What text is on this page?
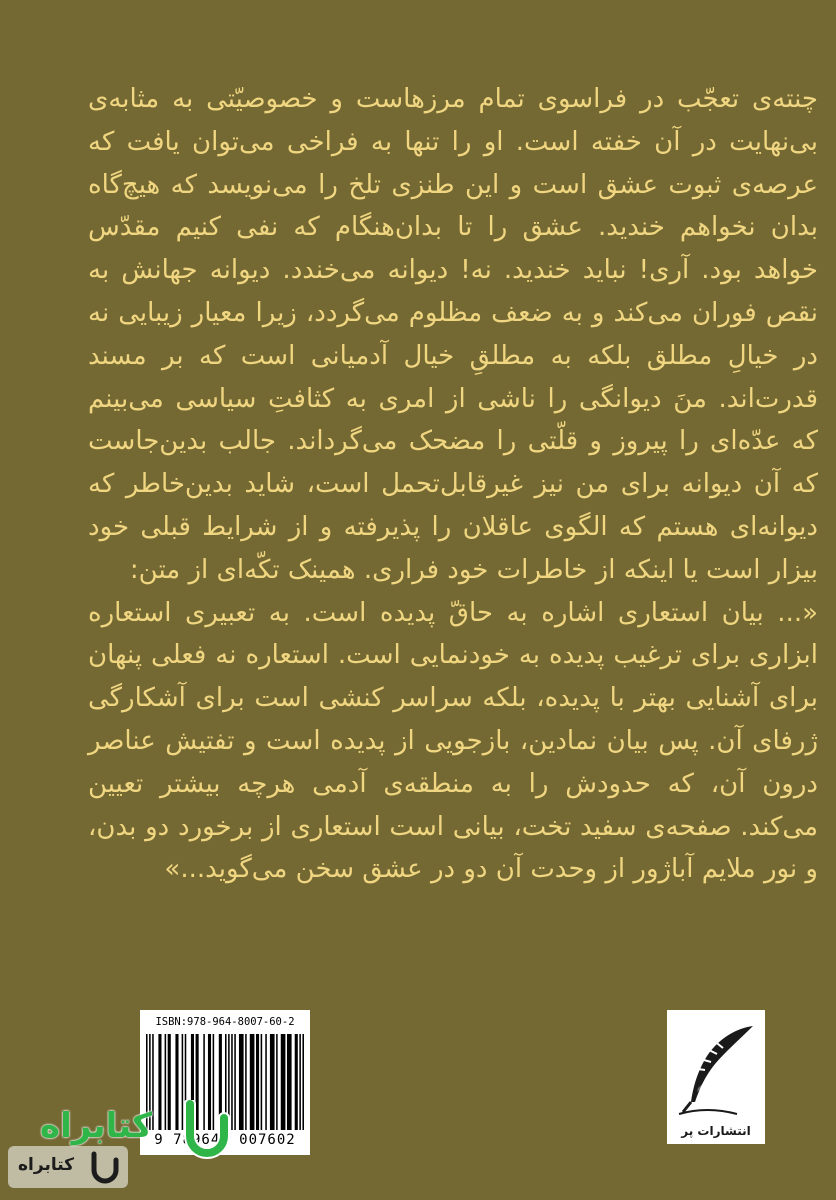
چنته‌ی تعجّب در فراسوی تمام مرزهاست و خصوصیّتی به مثابه‌ی بی‌نهایت در آن خفته است. او را تنها به فراخی می‌توان یافت که عرصه‌ی ثبوت عشق است و این طنزی تلخ را می‌نویسد که هیچ‌گاه بدان نخواهم خندید. عشق را تا بدان‌هنگام که نفی کنیم مقدّس خواهد بود. آری! نباید خندید. نه! دیوانه می‌خندد. دیوانه جهانش به نقص فوران می‌کند و به ضعف مظلوم می‌گردد، زیرا معیار زیبایی نه در خیالِ مطلق بلکه به مطلقِ خیال آدمیانی است که بر مسند قدرت‌اند. منَ دیوانگی را ناشی از امری به کثافتِ سیاسی می‌بینم که عدّه‌ای را پیروز و قلّتی را مضحک می‌گرداند. جالب بدین‌جاست که آن دیوانه برای من نیز غیرقابل‌تحمل است، شاید بدین‌خاطر که دیوانه‌ای هستم که الگوی عاقلان را پذیرفته و از شرایط قبلی خود بیزار است یا اینکه از خاطرات خود فراری. همینک تکّه‌ای از متن:

«... بیان استعاری اشاره به حاقّ پدیده است. به تعبیری استعاره ابزاری برای ترغیب پدیده به خودنمایی است. استعاره نه فعلی پنهان برای آشنایی بهتر با پدیده، بلکه سراسر کنشی است برای آشکارگی ژرفای آن. پس بیان نمادین، بازجویی از پدیده است و تفتیش عناصر درون آن، که حدودش را به منطقه‌ی آدمی هرچه بیشتر تعیین می‌کند. صفحه‌ی سفید تخت، بیانی است استعاری از برخورد دو بدن، و نور ملایم آباژور از وحدت آن دو در عشق سخن می‌گوید...»

ISBN:978-964-8007-60-2
9 789648 007602
انتشارات پر
کتابراه
کتابراه
